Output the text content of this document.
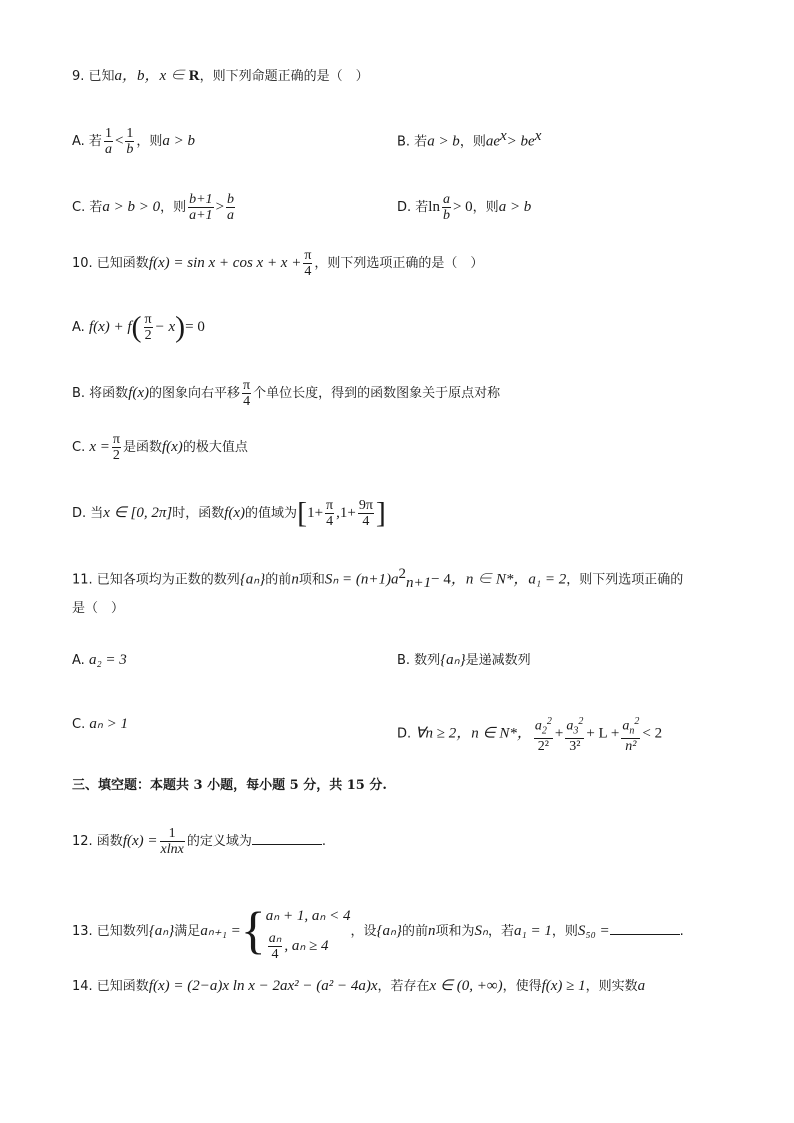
9. 已知a，b，x ∈ R，则下列命题正确的是（　）
A. 若 $\frac{1}{a} < \frac{1}{b}$ ，则a > b	B. 若a > b，则$ae^x> be^x$
C. 若a > b > 0，则 $\frac{b+1}{a+1} > \frac{b}{a}$	D. 若$\ln \frac{a}{b} > 0$，则a > b
10. 已知函数$f(x) = \sin x + \cos x + x + \frac{\pi}{4}$ ，则下列选项正确的是（　）
A. $f(x) + f( \frac{\pi}{2} - x)= 0$
B. 将函数f(x)的图象向右平移 $\frac{\pi}{4}$ 个单位长度，得到的函数图象关于原点对称
C. $x = \frac{\pi}{2}$ 是函数f(x)的极大值点
D. 当x ∈ [0, 2π]时，函数f(x)的值域为[$1+ \frac{\pi}{4} ,1+ \frac{9\pi}{4}$ ]
11. 已知各项均为正数的数列{aₙ}的前n项和$S_n = (n+1)a^2_{n+1}- 4$，n ∈ N*，a₁ = 2，则下列选项正确的
是（　）
A. a₂ = 3	B. 数列{aₙ}是递减数列
C. aₙ > 1
D. ∀n ≥ 2，n ∈ N*， $\frac{a_2^2}{\text{2²}} + \frac{a_3^2}{\text{3²}} + L + \frac{a_n^2}{\text{n²}} < 2$
三、填空题：本题共 3 小题，每小题 5 分，共 15 分.
12. 函数$f(x) = \frac{1}{xlnx}$ 的定义域为	.
13. 已知数列{aₙ}满足aₙ₊₁ ={ aₙ + 1, aₙ < 4
$\frac{\text{aₙ}}{4}$ , aₙ ≥ 4
，设{aₙ}的前n项和为Sₙ，若a₁ = 1，则S₅₀ =	.
14. 已知函数f(x) = (2−a)x ln x − 2ax² − (a² − 4a)x，若存在x ∈ (0, +∞)，使得f(x) ≥ 1，则实数a
